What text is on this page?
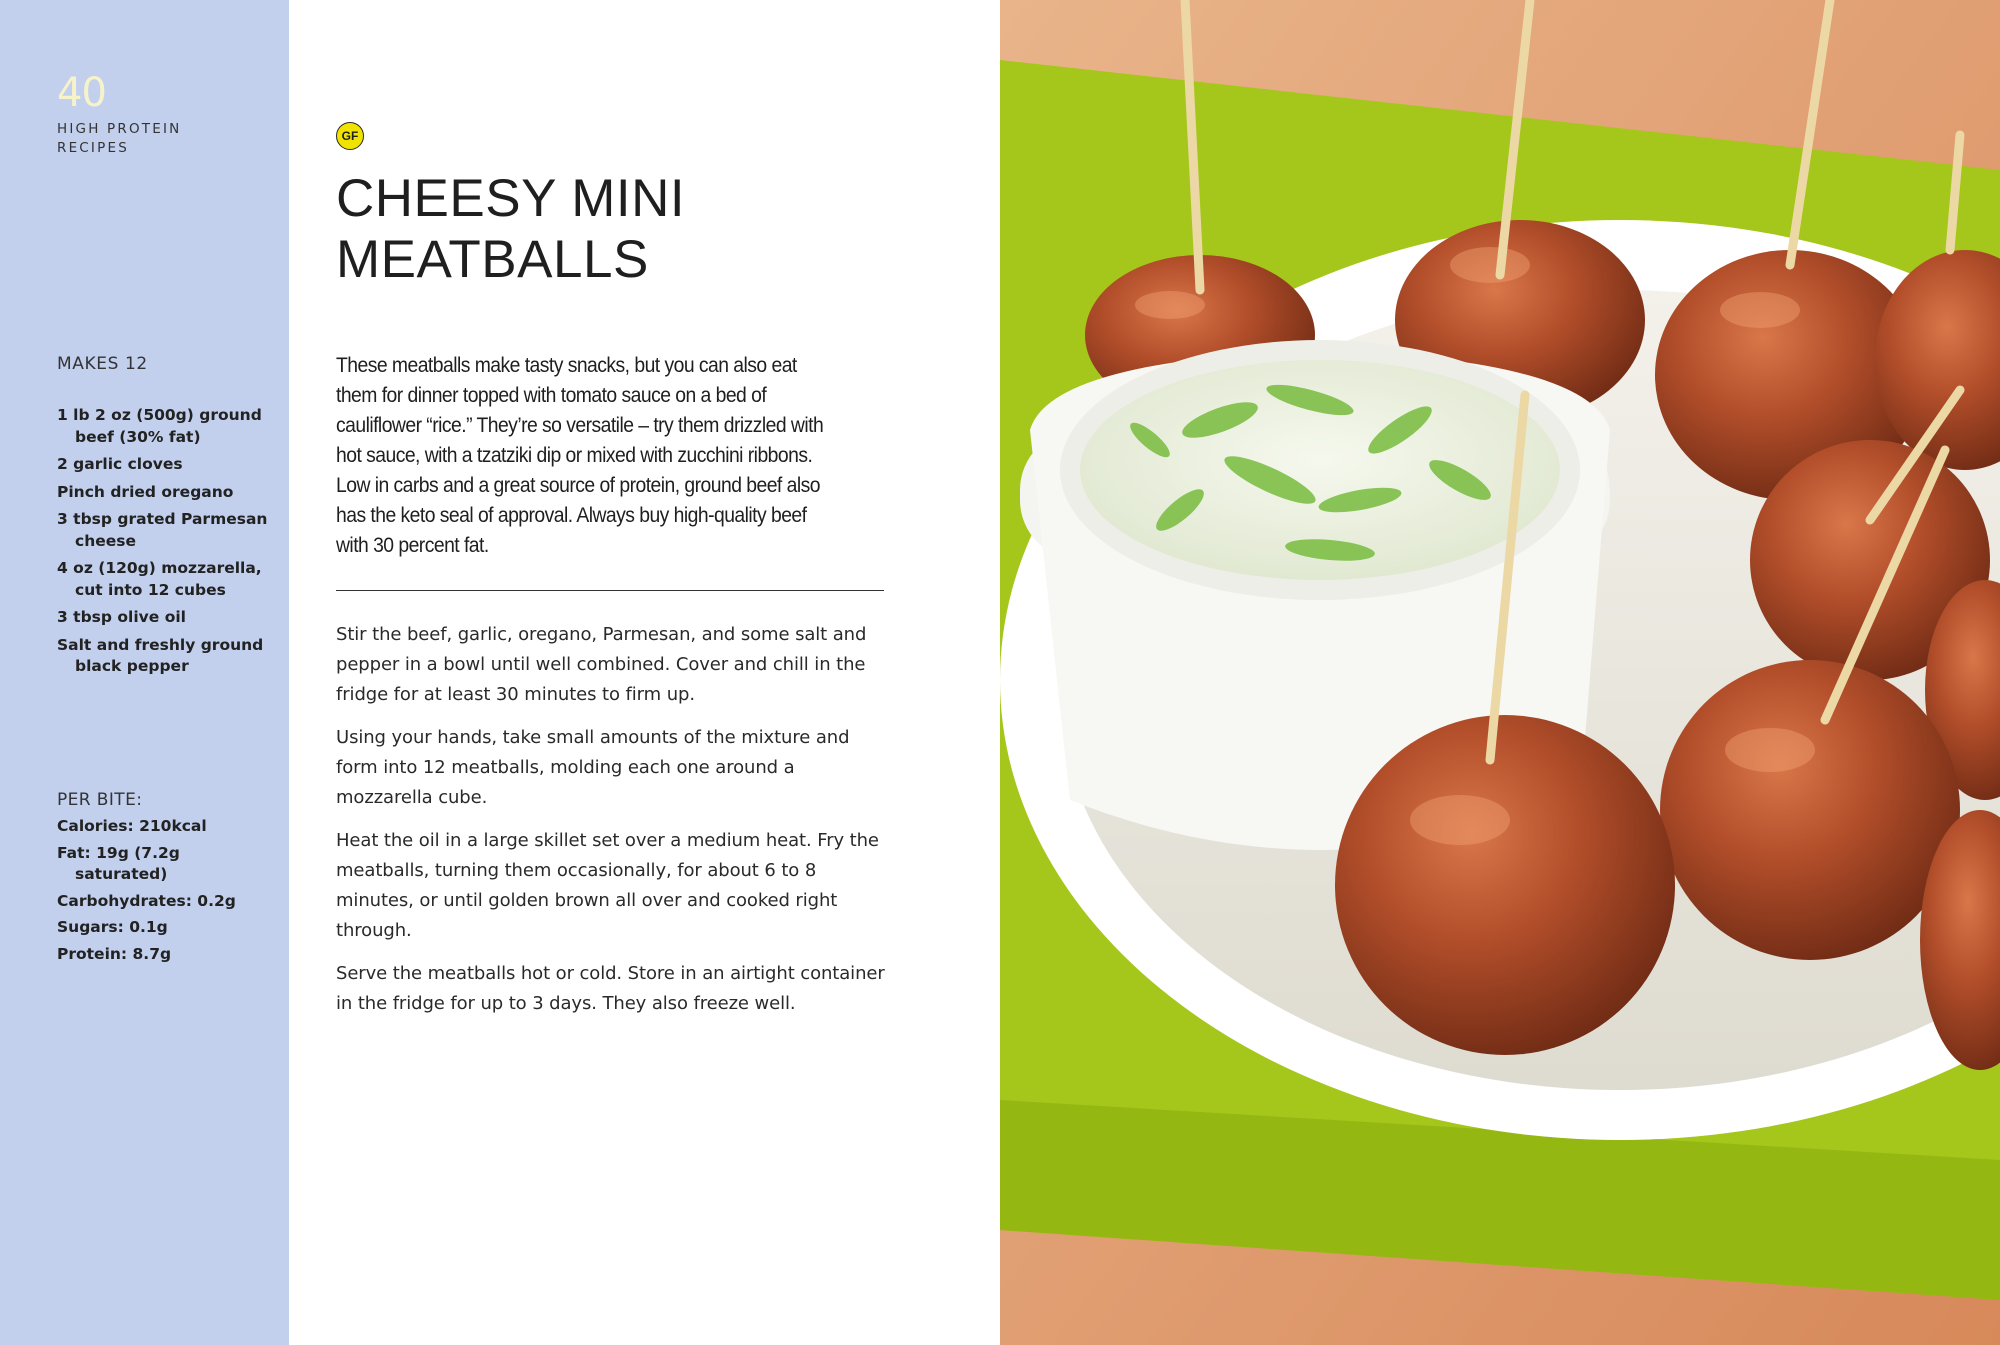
40
HIGH PROTEIN RECIPES
MAKES 12
1 lb 2 oz (500g) ground beef (30% fat)
2 garlic cloves
Pinch dried oregano
3 tbsp grated Parmesan cheese
4 oz (120g) mozzarella, cut into 12 cubes
3 tbsp olive oil
Salt and freshly ground black pepper
PER BITE:
Calories: 210kcal
Fat: 19g (7.2g saturated)
Carbohydrates: 0.2g
Sugars: 0.1g
Protein: 8.7g
GF
CHEESY MINI MEATBALLS
These meatballs make tasty snacks, but you can also eat them for dinner topped with tomato sauce on a bed of cauliflower “rice.” They’re so versatile – try them drizzled with hot sauce, with a tzatziki dip or mixed with zucchini ribbons. Low in carbs and a great source of protein, ground beef also has the keto seal of approval. Always buy high-quality beef with 30 percent fat.

Stir the beef, garlic, oregano, Parmesan, and some salt and pepper in a bowl until well combined. Cover and chill in the fridge for at least 30 minutes to firm up.

Using your hands, take small amounts of the mixture and form into 12 meatballs, molding each one around a mozzarella cube.

Heat the oil in a large skillet set over a medium heat. Fry the meatballs, turning them occasionally, for about 6 to 8 minutes, or until golden brown all over and cooked right through.

Serve the meatballs hot or cold. Store in an airtight container in the fridge for up to 3 days. They also freeze well.
